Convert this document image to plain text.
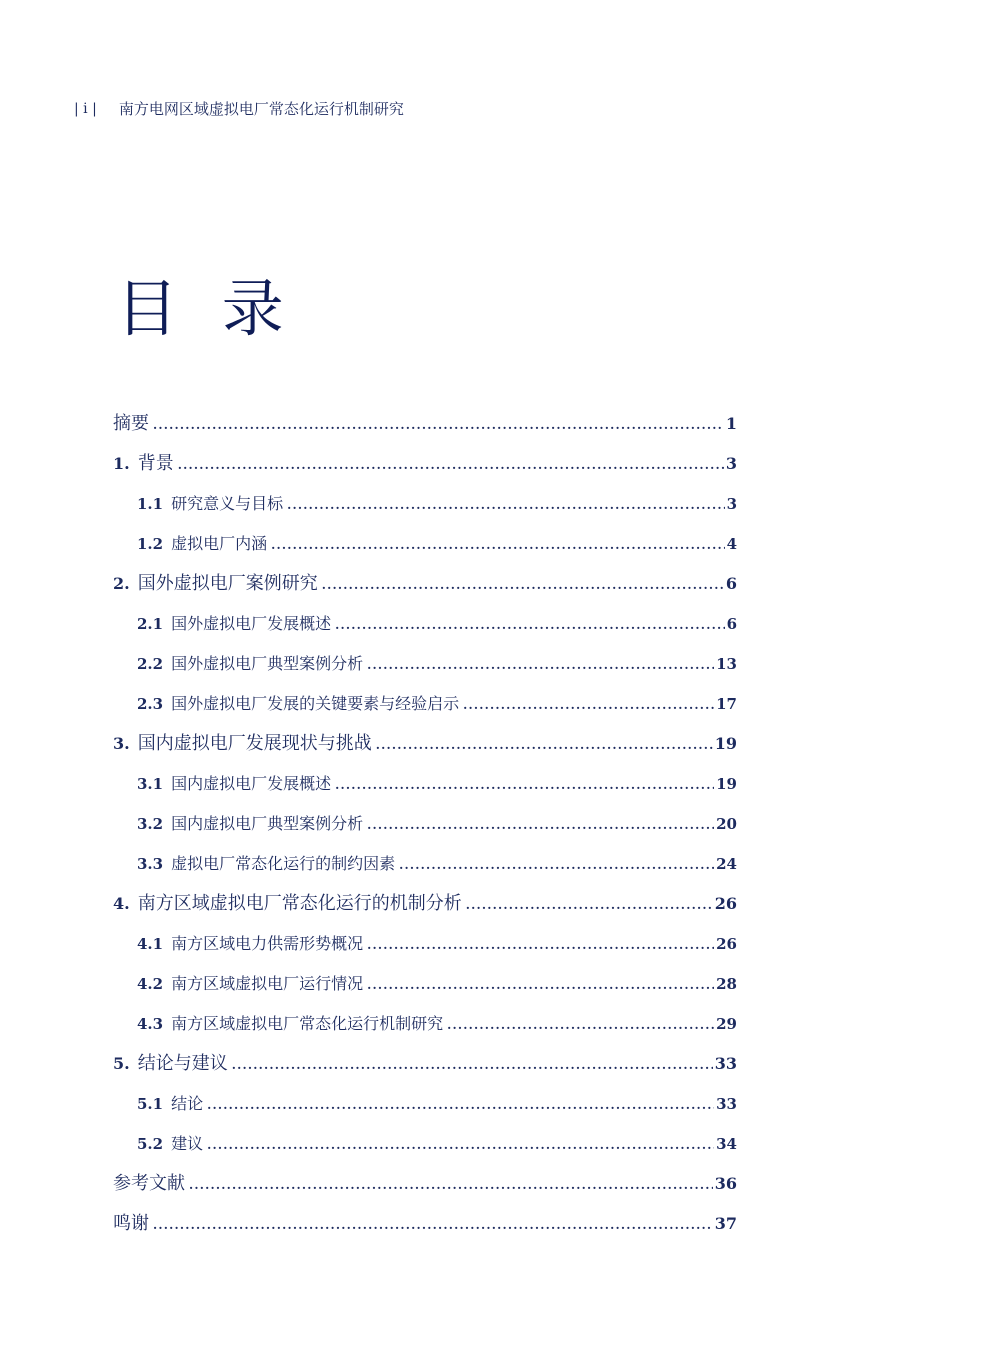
| i | 南方电网区域虚拟电厂常态化运行机制研究
目 录
摘要 .....	1
1. 背景 .....	3
1.1 研究意义与目标 .....	3
1.2 虚拟电厂内涵 .....	4
2. 国外虚拟电厂案例研究 .....	6
2.1 国外虚拟电厂发展概述 .....	6
2.2 国外虚拟电厂典型案例分析 .....	13
2.3 国外虚拟电厂发展的关键要素与经验启示 .....	17
3. 国内虚拟电厂发展现状与挑战 .....	19
3.1 国内虚拟电厂发展概述 .....	19
3.2 国内虚拟电厂典型案例分析 .....	20
3.3 虚拟电厂常态化运行的制约因素 .....	24
4. 南方区域虚拟电厂常态化运行的机制分析 .....	26
4.1 南方区域电力供需形势概况 .....	26
4.2 南方区域虚拟电厂运行情况 .....	28
4.3 南方区域虚拟电厂常态化运行机制研究 .....	29
5. 结论与建议 .....	33
5.1 结论 .....	33
5.2 建议 .....	34
参考文献 .....	36
鸣谢 .....	37
